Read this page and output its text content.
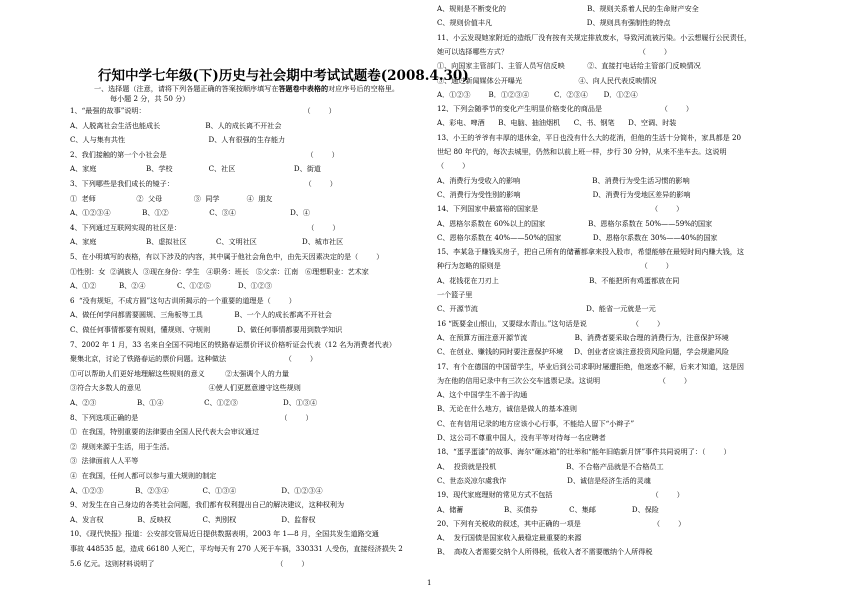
行知中学七年级(下)历史与社会期中考试试题卷(2008.4.30)
一、选择题（注意，请将下列各题正确的答案按顺序填写在答题卷中表格的对应序号后的空格里。
每小题 2 分，共 50 分）
1、“最强的故事”说明：                                                                      （        ）
A、人脱离社会生活也能成长                    B、人的成长离不开社会
C、人与集有共性                                     D、人有很强的生存能力
2、我们接触的第一个小社会是                                                              （        ）
A、家庭                      B、学校                C、社区                          D、街道
3、下列哪些是我们成长的镜子：                                                          （        ）
①  老师                  ②  父母              ③  同学            ④  朋友
A、①②③④              B、①②                  C、③④                        D、④
4、下列通过互联网实现的社区是：                                                        （        ）
A、家庭                      B、虚拟社区             C、文明社区                    D、城市社区
5、在小明填写的表格，有以下涉及的内容，其中属于他社会角色中，由先天因素决定的是（        ）
①性别：女  ②满族人  ③现在身份：学生   ④职务：班长   ⑤父亲：江南   ⑥理想职业：艺术家
A、①②          B、②④              C、①②⑤            D、①②③
6  “没有规矩，不成方圆”这句古训所揭示的一个重要的道理是（        ）
A、做任何学问都需要圆规、三角板等工具              B、一个人的成长都离不开社会
C、做任何事情都要有规则，懂规则、守规则            D、做任何事情都要用到数学知识
7、2002 年 1 月，33 名来自全国不同地区的铁路春运票价评议价格听证会代表（12 名为消费者代表）
聚集北京，讨论了铁路春运的票价问题。这种做法                          （        ）
①可以帮助人们更好地理解这些规则的意义         ②太强调个人的力量
③符合大多数人的意见                              ④使人们更愿意遵守这些规则
A、②③                  B、①④                  C、①②③                    D、①③④
8、下列选项正确的是                                                               （        ）
①  在我国，特别重要的法律要由全国人民代表大会审议通过
②  规则来源于生活，用于生活。
③  法律面前人人平等
④  在我国，任何人都可以参与重大规则的制定
A、①②③              B、②③④               C、①③④                    D、①②③④
9、对发生在自己身边的各类社会问题，我们都有权利提出自己的解决建议，这种权利为
A、发言权               B、反映权              C、判别权                    D、监督权
10、《现代快报》报道：公安部交管局近日提供数据表明，2003 年 1—8 月，全国共发生道路交通
事故 448535 起，造成 66180 人死亡，平均每天有 270 人死于车祸，330331 人受伤，直接经济损失 2
5.6 亿元。这则材料说明了                                                      （        ）
A、规则是不断变化的                                    B、规则关系着人民的生命财产安全
C、规则价值丰凡                                          D、规则具有强制性的特点
11、小云发现她家附近的造纸厂没有按有关规定排放废水，导致河流被污染。小云想履行公民责任，
她可以选择哪些方式？                                                          （        ）
①、向国家主管部门、主管人员写信反映          ②、直接打电话给主管部门反映情况
③、通过新闻媒体公开曝光                         ④、向人民代表反映情况
A．①②③        B．①②③④           C．②③④       D．①②④
12、下列会随季节的变化产生明显价格变化的商品是                          （        ）
A、彩电、啤酒      B、电脑、抽油烟机      C、书、钢笔      D、空调、时装
13、小王的爷爷有丰厚的退休金，平日也没有什么大的花消，但他的生活十分简朴，家具都是 20
世纪 80 年代的，每次去城里，仍然和以前上班一样，步行 30 分钟，从来不坐车去。这说明
（        ）
A、消费行为受收入的影响                                B、消费行为受生活习惯的影响
C、消费行为受性别的影响                                D、消费行为受地区差异的影响
14、下列国家中最富裕的国家是                                                  （        ）
A、恩格尔系数在 60%以上的国家                   B、恩格尔系数在 50%——59%的国家
C、恩格尔系数在 40%——50%的国家              D、恩格尔系数在 30%——40%的国家
15、李某急于赚钱买房子，把自己所有的储蓄都拿来投入股市，希望能够在最短时间内赚大钱，这
种行为忽略的原则是                                                              （        ）
A、花钱花在刀刃上                                        B、不能把所有鸡蛋都放在同
一个篮子里
C、开源节流                                                D、能省一元就是一元
16 “既要金山银山，又要绿水青山。”这句话是说                    （        ）
A、在预算方面注意开源节流                     B、消费者要采取合理的消费行为，注意保护环境
C、在创业、赚钱的同时要注意保护环境     D、创业者应该注意投资风险问题，学会规避风险
17、有个在德国的中国留学生，毕业后到公司求职时屡遭拒绝，他迷惑不解，后来才知道，这是因
为在他的信用记录中有三次公交车逃票记录。这说明                          （        ）
A、这个中国学生不善于沟通
B、无论在什么地方，诚信是做人的基本准则
C、在有信用记录的地方应该小心行事，不能给人留下“小辫子”
D、这公司不尊重中国人，没有平等对待每一名应聘者
18、“蛋孚蛋漆”的故事、海尔“砸冰箱”的壮举和“能年旧皓新月饼”事件共同说明了：（        ）
A、  投资就是投机                               B、不合格产品就是不合格员工
C、世态炎凉尔虞我诈                           D、诚信是经济生活的灵魂
19、现代家庭理财的常见方式不包括                                            （        ）
A、储蓄                  B、买债券              C、集邮                D、保险
20、下列有关税收的叙述，其中正确的一项是                                （        ）
A、  发行国债是国家收入最稳定最重要的来源
B、  高收入者需要交纳个人所得税，低收入者不需要缴纳个人所得税
1
